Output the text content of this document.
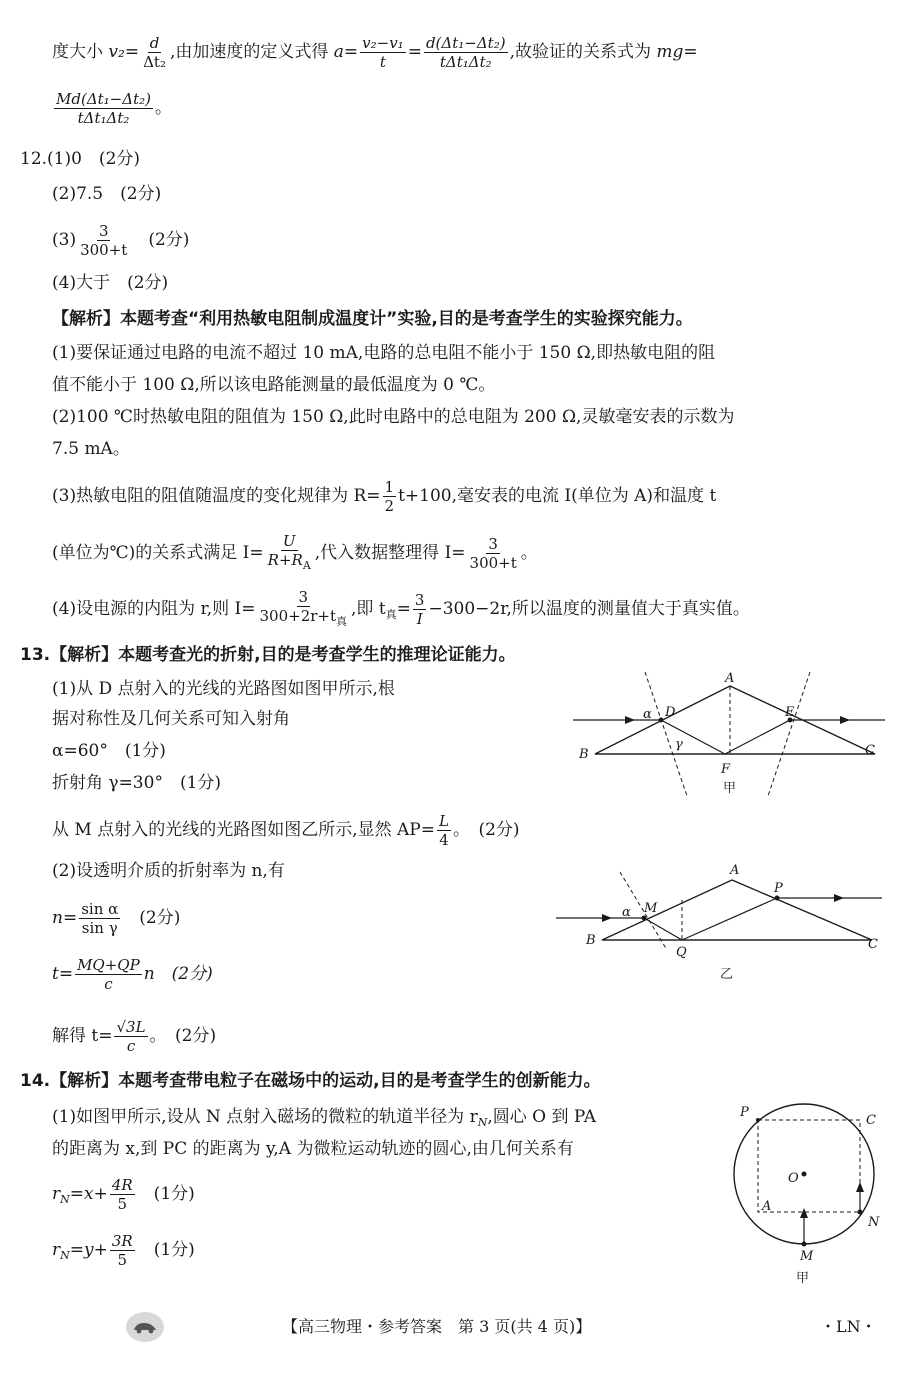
度大小 $v_2= \frac{d}{\text{Δt₂}}$ ,由加速度的定义式得 $a= \frac{\text{v₂−v₁}}{t} = \frac{\text{d(Δt₁−Δt₂)}}{\text{tΔt₁Δt₂}}$ ,故验证的关系式为 mg=
$\frac{\text{Md(Δt₁−Δt₂)}}{\text{tΔt₁Δt₂}}$ 。
12.(1)0　(2分)
(2)7.5　(2分)
$(3) \frac{3}{300+t}$ 　(2分)
(4)大于　(2分)
【解析】本题考查“利用热敏电阻制成温度计”实验,目的是考查学生的实验探究能力。
(1)要保证通过电路的电流不超过 10 mA,电路的总电阻不能小于 150 Ω,即热敏电阻的阻
值不能小于 100 Ω,所以该电路能测量的最低温度为 0 ℃。
(2)100 ℃时热敏电阻的阻值为 150 Ω,此时电路中的总电阻为 200 Ω,灵敏毫安表的示数为
7.5 mA。
(3)热敏电阻的阻值随温度的变化规律为 $R= \frac{1}{2} t+100$,毫安表的电流 I(单位为 A)和温度 t
(单位为℃)的关系式满足 $I= \frac{U}{R+R_A}$ ,代入数据整理得 $I= \frac{3}{300+t}$ 。
(4)设电源的内阻为 r,则 $I= \frac{3}{300+2r+t_真}$ ,即 $t_真= \frac{3}{I} -300-2r$,所以温度的测量值大于真实值。
13.【解析】本题考查光的折射,目的是考查学生的推理论证能力。
(1)从 D 点射入的光线的光路图如图甲所示,根
据对称性及几何关系可知入射角
α=60°　(1分)
折射角 γ=30°　(1分)
从 M 点射入的光线的光路图如图乙所示,显然 $AP= \frac{L}{4}$ 。　(2分)
(2)设透明介质的折射率为 n,有
$n= \frac{\text{sin α}}{\text{sin γ}}$ 　(2分)
$t= \frac{MQ+QP}{c}$ n　(2分)
解得 $t= \frac{√3L}{c}$ 。　(2分)
14.【解析】本题考查带电粒子在磁场中的运动,目的是考查学生的创新能力。
(1)如图甲所示,设从 N 点射入磁场的微粒的轨道半径为 $r_N$,圆心 O 到 PA
的距离为 x,到 PC 的距离为 y,A 为微粒运动轨迹的圆心,由几何关系有
$r_N=x+ \frac{4R}{5}$ 　(1分)
$r_N=y+ \frac{3R}{5}$ 　(1分)
A
B	C
D	E
F
α
γ
甲
A
B	C
M
P
Q
α
乙
P
C
O
A
N
M
甲
【高三物理・参考答案　第 3 页(共 4 页)】	・LN・
